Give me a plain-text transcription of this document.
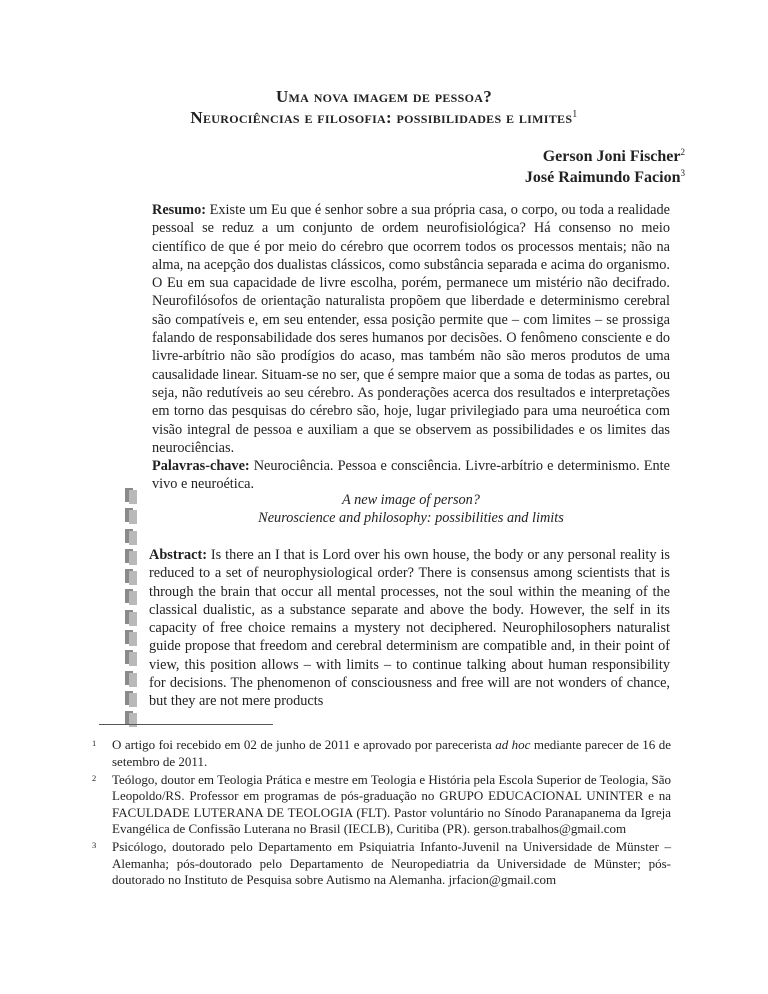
Uma nova imagem de pessoa?
Neurociências e filosofia: possibilidades e limites$^1$
Gerson Joni Fischer$^2$
José Raimundo Facion$^3$

Resumo: Existe um Eu que é senhor sobre a sua própria casa, o corpo, ou toda a realidade pessoal se reduz a um conjunto de ordem neurofisiológica? Há consenso no meio científico de que é por meio do cérebro que ocorrem todos os processos mentais; não na alma, na acepção dos dualistas clássicos, como substância separada e acima do organismo. O Eu em sua capacidade de livre escolha, porém, permanece um mistério não decifrado. Neurofilósofos de orientação naturalista propõem que liberdade e determinismo cerebral são compatíveis e, em seu entender, essa posição permite que – com limites – se prossiga falando de responsabilidade dos seres humanos por decisões. O fenômeno consciente e do livre-arbítrio não são prodígios do acaso, mas também não são meros produtos de uma causalidade linear. Situam-se no ser, que é sempre maior que a soma de todas as partes, ou seja, não redutíveis ao seu cérebro. As ponderações acerca dos resultados e interpretações em torno das pesquisas do cérebro são, hoje, lugar privilegiado para uma neuroética com visão integral de pessoa e auxiliam a que se observem as possibilidades e os limites das neurociências.

Palavras-chave: Neurociência. Pessoa e consciência. Livre-arbítrio e determinismo. Ente vivo e neuroética.

A new image of person?
Neuroscience and philosophy: possibilities and limits

Abstract: Is there an I that is Lord over his own house, the body or any personal reality is reduced to a set of neurophysiological order? There is consensus among scientists that is through the brain that occur all mental processes, not the soul within the meaning of the classical dualistic, as a substance separate and above the body. However, the self in its capacity of free choice remains a mystery not deciphered. Neurophilosophers naturalist guide propose that freedom and cerebral determinism are compatible and, in their point of view, this position allows – with limits – to continue talking about human responsibility for decisions. The phenomenon of consciousness and free will are not wonders of chance, but they are not mere products

1 O artigo foi recebido em 02 de junho de 2011 e aprovado por parecerista ad hoc mediante parecer de 16 de setembro de 2011.
2 Teólogo, doutor em Teologia Prática e mestre em Teologia e História pela Escola Superior de Teologia, São Leopoldo/RS. Professor em programas de pós-graduação no GRUPO EDUCACIONAL UNINTER e na FACULDADE LUTERANA DE TEOLOGIA (FLT). Pastor voluntário no Sínodo Paranapanema da Igreja Evangélica de Confissão Luterana no Brasil (IECLB), Curitiba (PR). gerson.trabalhos@gmail.com
3 Psicólogo, doutorado pelo Departamento em Psiquiatria Infanto-Juvenil na Universidade de Münster – Alemanha; pós-doutorado pelo Departamento de Neuropediatria da Universidade de Münster; pós-doutorado no Instituto de Pesquisa sobre Autismo na Alemanha. jrfacion@gmail.com
